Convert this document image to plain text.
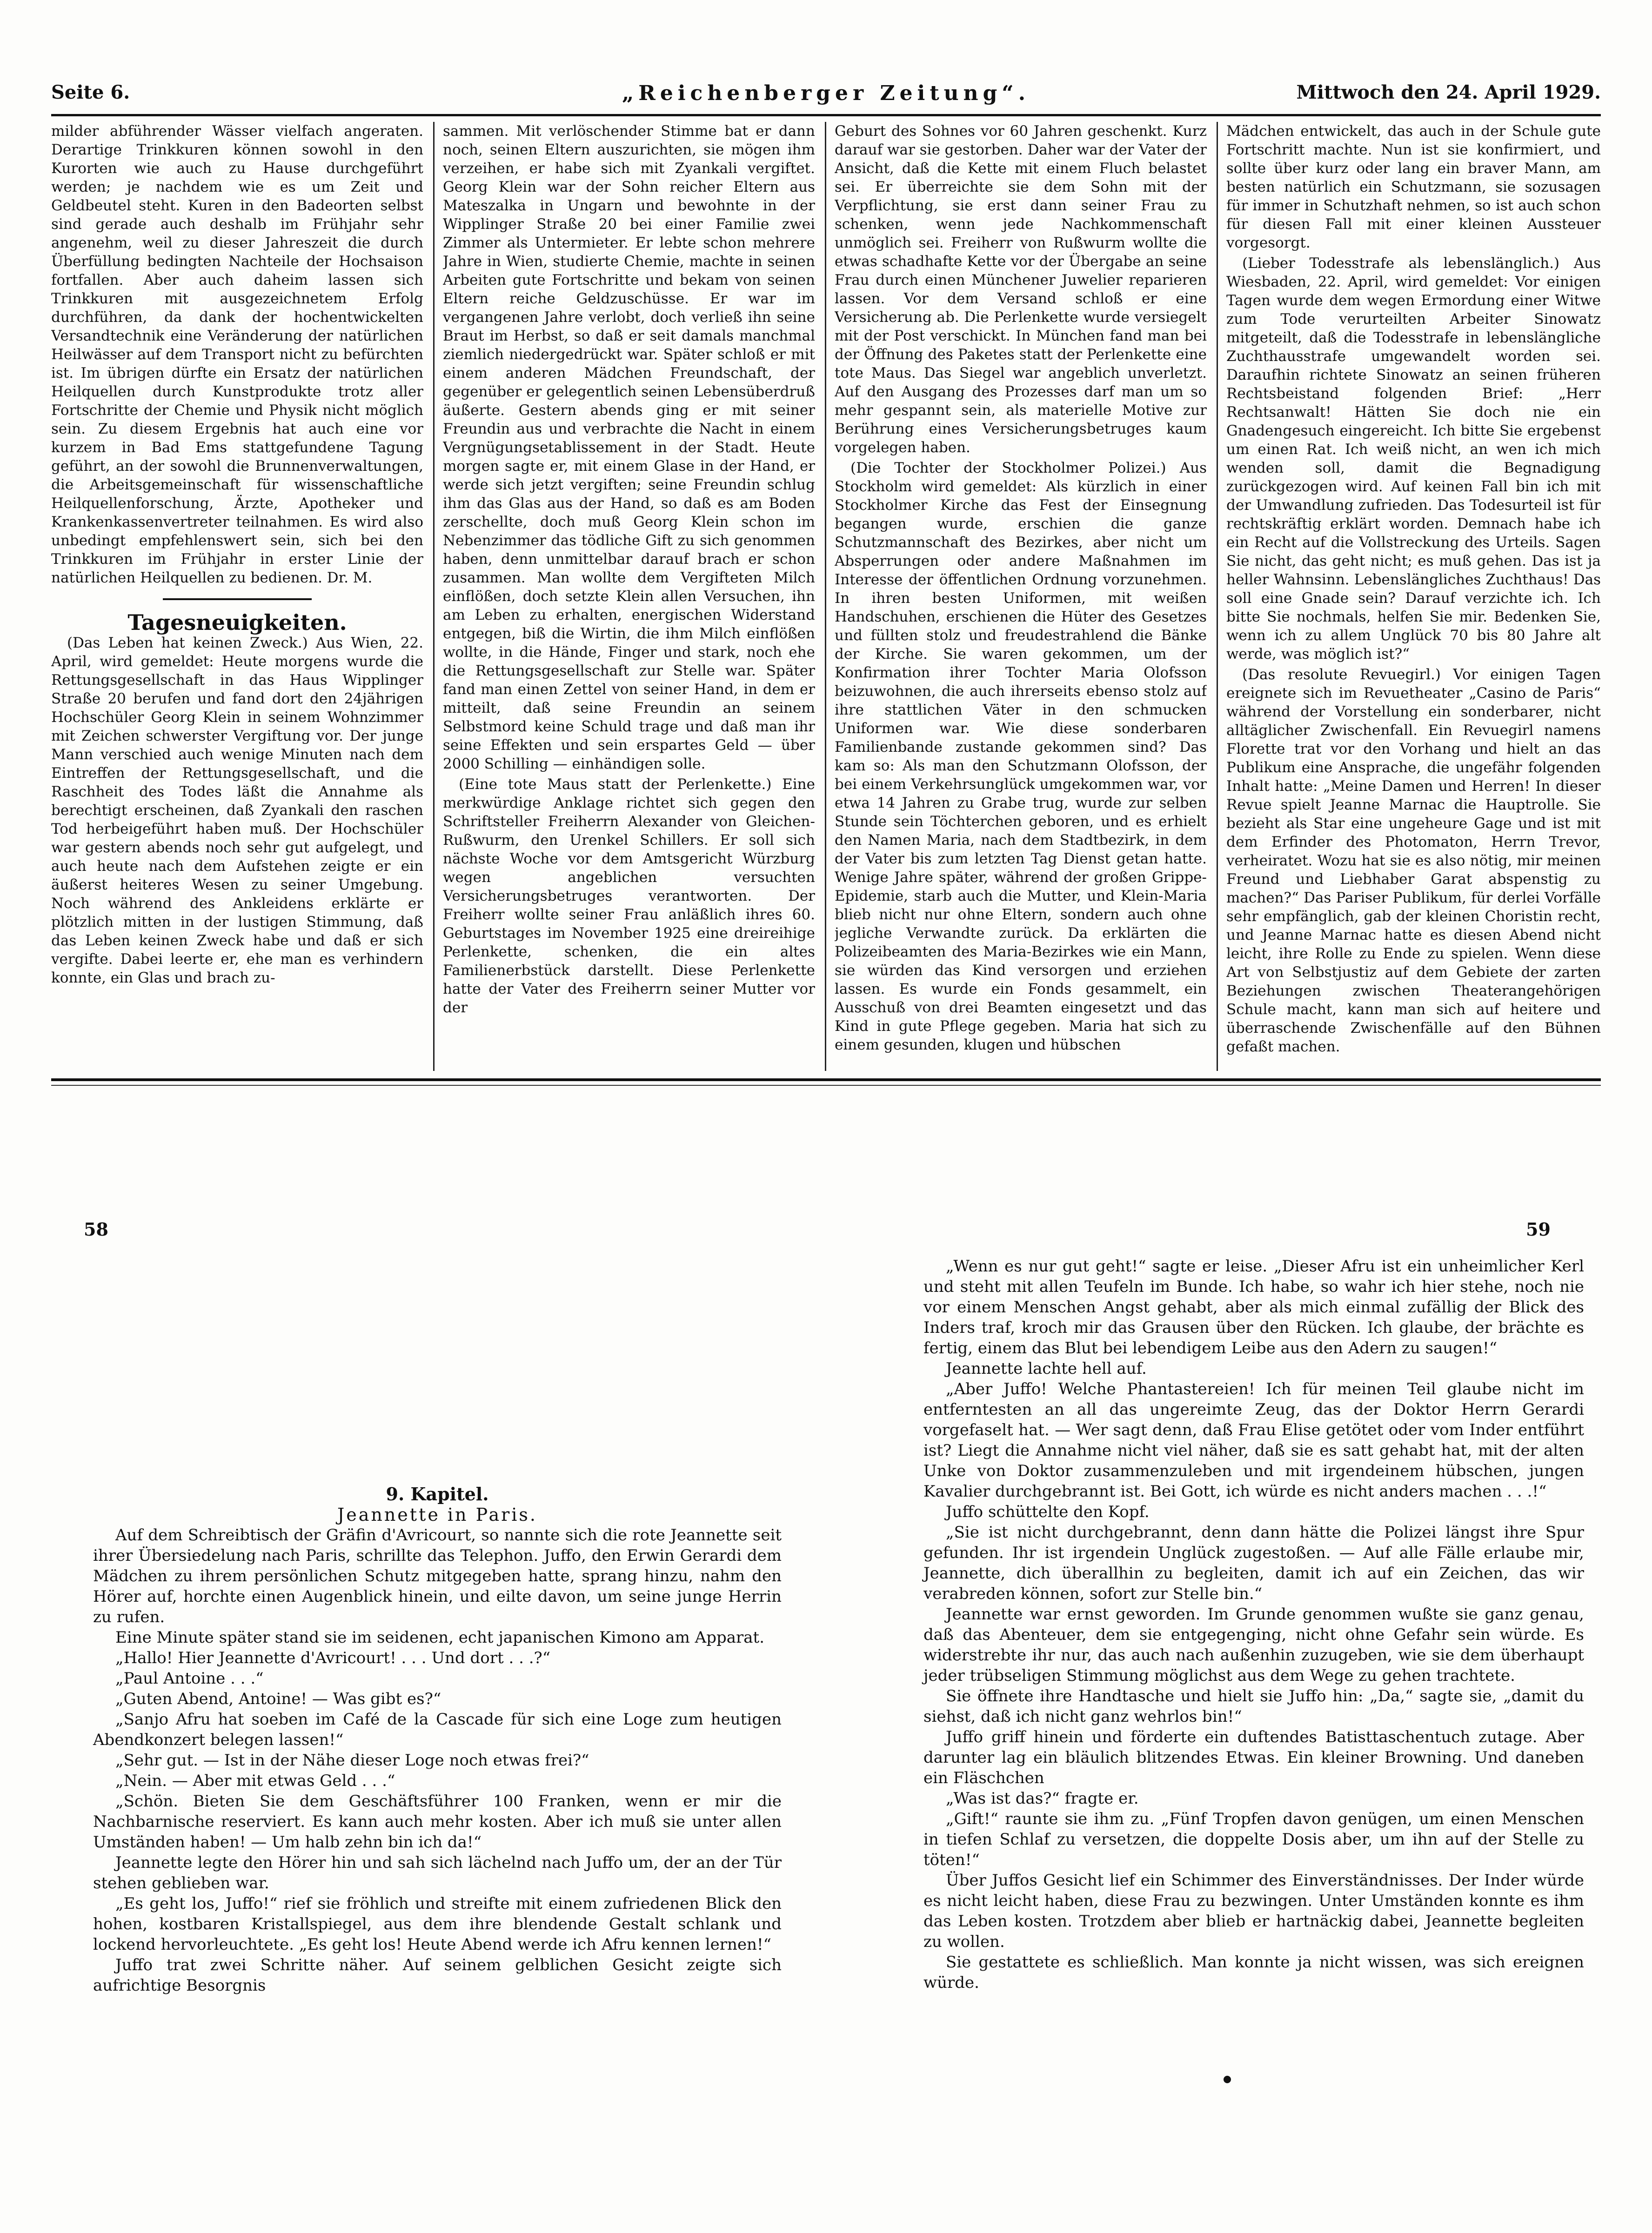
Seite 6.	„Reichenberger Zeitung“.	Mittwoch den 24. April 1929.

milder abführender Wässer vielfach angeraten. Derartige Trinkkuren können sowohl in den Kurorten wie auch zu Hause durchgeführt werden; je nachdem wie es um Zeit und Geldbeutel steht. Kuren in den Badeorten selbst sind gerade auch deshalb im Frühjahr sehr angenehm, weil zu dieser Jahreszeit die durch Überfüllung bedingten Nachteile der Hochsaison fortfallen. Aber auch daheim lassen sich Trinkkuren mit ausgezeichnetem Erfolg durchführen, da dank der hochentwickelten Versandtechnik eine Veränderung der natürlichen Heilwässer auf dem Transport nicht zu befürchten ist. Im übrigen dürfte ein Ersatz der natürlichen Heilquellen durch Kunstprodukte trotz aller Fortschritte der Chemie und Physik nicht möglich sein. Zu diesem Ergebnis hat auch eine vor kurzem in Bad Ems stattgefundene Tagung geführt, an der sowohl die Brunnenverwaltungen, die Arbeitsgemeinschaft für wissenschaftliche Heilquellenforschung, Ärzte, Apotheker und Krankenkassenvertreter teilnahmen. Es wird also unbedingt empfehlenswert sein, sich bei den Trinkkuren im Frühjahr in erster Linie der natürlichen Heilquellen zu bedienen. Dr. M.

Tagesneuigkeiten.

(Das Leben hat keinen Zweck.) Aus Wien, 22. April, wird gemeldet: Heute morgens wurde die Rettungsgesellschaft in das Haus Wipplinger Straße 20 berufen und fand dort den 24jährigen Hochschüler Georg Klein in seinem Wohnzimmer mit Zeichen schwerster Vergiftung vor. Der junge Mann verschied auch wenige Minuten nach dem Eintreffen der Rettungsgesellschaft, und die Raschheit des Todes läßt die Annahme als berechtigt erscheinen, daß Zyankali den raschen Tod herbeigeführt haben muß. Der Hochschüler war gestern abends noch sehr gut aufgelegt, und auch heute nach dem Aufstehen zeigte er ein äußerst heiteres Wesen zu seiner Umgebung. Noch während des Ankleidens erklärte er plötzlich mitten in der lustigen Stimmung, daß das Leben keinen Zweck habe und daß er sich vergifte. Dabei leerte er, ehe man es verhindern konnte, ein Glas und brach zu-

sammen. Mit verlöschender Stimme bat er dann noch, seinen Eltern auszurichten, sie mögen ihm verzeihen, er habe sich mit Zyankali vergiftet. Georg Klein war der Sohn reicher Eltern aus Mateszalka in Ungarn und bewohnte in der Wipplinger Straße 20 bei einer Familie zwei Zimmer als Untermieter. Er lebte schon mehrere Jahre in Wien, studierte Chemie, machte in seinen Arbeiten gute Fortschritte und bekam von seinen Eltern reiche Geldzuschüsse. Er war im vergangenen Jahre verlobt, doch verließ ihn seine Braut im Herbst, so daß er seit damals manchmal ziemlich niedergedrückt war. Später schloß er mit einem anderen Mädchen Freundschaft, der gegenüber er gelegentlich seinen Lebensüberdruß äußerte. Gestern abends ging er mit seiner Freundin aus und verbrachte die Nacht in einem Vergnügungsetablissement in der Stadt. Heute morgen sagte er, mit einem Glase in der Hand, er werde sich jetzt vergiften; seine Freundin schlug ihm das Glas aus der Hand, so daß es am Boden zerschellte, doch muß Georg Klein schon im Nebenzimmer das tödliche Gift zu sich genommen haben, denn unmittelbar darauf brach er schon zusammen. Man wollte dem Vergifteten Milch einflößen, doch setzte Klein allen Versuchen, ihn am Leben zu erhalten, energischen Widerstand entgegen, biß die Wirtin, die ihm Milch einflößen wollte, in die Hände, Finger und stark, noch ehe die Rettungsgesellschaft zur Stelle war. Später fand man einen Zettel von seiner Hand, in dem er mitteilt, daß seine Freundin an seinem Selbstmord keine Schuld trage und daß man ihr seine Effekten und sein erspartes Geld — über 2000 Schilling — einhändigen solle.

(Eine tote Maus statt der Perlenkette.) Eine merkwürdige Anklage richtet sich gegen den Schriftsteller Freiherrn Alexander von Gleichen-Rußwurm, den Urenkel Schillers. Er soll sich nächste Woche vor dem Amtsgericht Würzburg wegen angeblichen versuchten Versicherungsbetruges verantworten. Der Freiherr wollte seiner Frau anläßlich ihres 60. Geburtstages im November 1925 eine dreireihige Perlenkette, schenken, die ein altes Familienerbstück darstellt. Diese Perlenkette hatte der Vater des Freiherrn seiner Mutter vor der

Geburt des Sohnes vor 60 Jahren geschenkt. Kurz darauf war sie gestorben. Daher war der Vater der Ansicht, daß die Kette mit einem Fluch belastet sei. Er überreichte sie dem Sohn mit der Verpflichtung, sie erst dann seiner Frau zu schenken, wenn jede Nachkommenschaft unmöglich sei. Freiherr von Rußwurm wollte die etwas schadhafte Kette vor der Übergabe an seine Frau durch einen Münchener Juwelier reparieren lassen. Vor dem Versand schloß er eine Versicherung ab. Die Perlenkette wurde versiegelt mit der Post verschickt. In München fand man bei der Öffnung des Paketes statt der Perlenkette eine tote Maus. Das Siegel war angeblich unverletzt. Auf den Ausgang des Prozesses darf man um so mehr gespannt sein, als materielle Motive zur Berührung eines Versicherungsbetruges kaum vorgelegen haben.

(Die Tochter der Stockholmer Polizei.) Aus Stockholm wird gemeldet: Als kürzlich in einer Stockholmer Kirche das Fest der Einsegnung begangen wurde, erschien die ganze Schutzmannschaft des Bezirkes, aber nicht um Absperrungen oder andere Maßnahmen im Interesse der öffentlichen Ordnung vorzunehmen. In ihren besten Uniformen, mit weißen Handschuhen, erschienen die Hüter des Gesetzes und füllten stolz und freudestrahlend die Bänke der Kirche. Sie waren gekommen, um der Konfirmation ihrer Tochter Maria Olofsson beizuwohnen, die auch ihrerseits ebenso stolz auf ihre stattlichen Väter in den schmucken Uniformen war. Wie diese sonderbaren Familienbande zustande gekommen sind? Das kam so: Als man den Schutzmann Olofsson, der bei einem Verkehrsunglück umgekommen war, vor etwa 14 Jahren zu Grabe trug, wurde zur selben Stunde sein Töchterchen geboren, und es erhielt den Namen Maria, nach dem Stadtbezirk, in dem der Vater bis zum letzten Tag Dienst getan hatte. Wenige Jahre später, während der großen Grippe-Epidemie, starb auch die Mutter, und Klein-Maria blieb nicht nur ohne Eltern, sondern auch ohne jegliche Verwandte zurück. Da erklärten die Polizeibeamten des Maria-Bezirkes wie ein Mann, sie würden das Kind versorgen und erziehen lassen. Es wurde ein Fonds gesammelt, ein Ausschuß von drei Beamten eingesetzt und das Kind in gute Pflege gegeben. Maria hat sich zu einem gesunden, klugen und hübschen

Mädchen entwickelt, das auch in der Schule gute Fortschritt machte. Nun ist sie konfirmiert, und sollte über kurz oder lang ein braver Mann, am besten natürlich ein Schutzmann, sie sozusagen für immer in Schutzhaft nehmen, so ist auch schon für diesen Fall mit einer kleinen Aussteuer vorgesorgt.

(Lieber Todesstrafe als lebenslänglich.) Aus Wiesbaden, 22. April, wird gemeldet: Vor einigen Tagen wurde dem wegen Ermordung einer Witwe zum Tode verurteilten Arbeiter Sinowatz mitgeteilt, daß die Todesstrafe in lebenslängliche Zuchthausstrafe umgewandelt worden sei. Daraufhin richtete Sinowatz an seinen früheren Rechtsbeistand folgenden Brief: „Herr Rechtsanwalt! Hätten Sie doch nie ein Gnadengesuch eingereicht. Ich bitte Sie ergebenst um einen Rat. Ich weiß nicht, an wen ich mich wenden soll, damit die Begnadigung zurückgezogen wird. Auf keinen Fall bin ich mit der Umwandlung zufrieden. Das Todesurteil ist für rechtskräftig erklärt worden. Demnach habe ich ein Recht auf die Vollstreckung des Urteils. Sagen Sie nicht, das geht nicht; es muß gehen. Das ist ja heller Wahnsinn. Lebenslängliches Zuchthaus! Das soll eine Gnade sein? Darauf verzichte ich. Ich bitte Sie nochmals, helfen Sie mir. Bedenken Sie, wenn ich zu allem Unglück 70 bis 80 Jahre alt werde, was möglich ist?“

(Das resolute Revuegirl.) Vor einigen Tagen ereignete sich im Revuetheater „Casino de Paris“ während der Vorstellung ein sonderbarer, nicht alltäglicher Zwischenfall. Ein Revuegirl namens Florette trat vor den Vorhang und hielt an das Publikum eine Ansprache, die ungefähr folgenden Inhalt hatte: „Meine Damen und Herren! In dieser Revue spielt Jeanne Marnac die Hauptrolle. Sie bezieht als Star eine ungeheure Gage und ist mit dem Erfinder des Photomaton, Herrn Trevor, verheiratet. Wozu hat sie es also nötig, mir meinen Freund und Liebhaber Garat abspenstig zu machen?“ Das Pariser Publikum, für derlei Vorfälle sehr empfänglich, gab der kleinen Choristin recht, und Jeanne Marnac hatte es diesen Abend nicht leicht, ihre Rolle zu Ende zu spielen. Wenn diese Art von Selbstjustiz auf dem Gebiete der zarten Beziehungen zwischen Theaterangehörigen Schule macht, kann man sich auf heitere und überraschende Zwischenfälle auf den Bühnen gefaßt machen.

58

9. Kapitel.

Jeannette in Paris.

Auf dem Schreibtisch der Gräfin d'Avricourt, so nannte sich die rote Jeannette seit ihrer Übersiedelung nach Paris, schrillte das Telephon. Juffo, den Erwin Gerardi dem Mädchen zu ihrem persönlichen Schutz mitgegeben hatte, sprang hinzu, nahm den Hörer auf, horchte einen Augenblick hinein, und eilte davon, um seine junge Herrin zu rufen.

Eine Minute später stand sie im seidenen, echt japanischen Kimono am Apparat.

„Hallo! Hier Jeannette d'Avricourt! . . . Und dort . . .?“

„Paul Antoine . . .“

„Guten Abend, Antoine! — Was gibt es?“

„Sanjo Afru hat soeben im Café de la Cascade für sich eine Loge zum heutigen Abendkonzert belegen lassen!“

„Sehr gut. — Ist in der Nähe dieser Loge noch etwas frei?“

„Nein. — Aber mit etwas Geld . . .“

„Schön. Bieten Sie dem Geschäftsführer 100 Franken, wenn er mir die Nachbarnische reserviert. Es kann auch mehr kosten. Aber ich muß sie unter allen Umständen haben! — Um halb zehn bin ich da!“

Jeannette legte den Hörer hin und sah sich lächelnd nach Juffo um, der an der Tür stehen geblieben war.

„Es geht los, Juffo!“ rief sie fröhlich und streifte mit einem zufriedenen Blick den hohen, kostbaren Kristallspiegel, aus dem ihre blendende Gestalt schlank und lockend hervorleuchtete. „Es geht los! Heute Abend werde ich Afru kennen lernen!“

Juffo trat zwei Schritte näher. Auf seinem gelblichen Gesicht zeigte sich aufrichtige Besorgnis

59

„Wenn es nur gut geht!“ sagte er leise. „Dieser Afru ist ein unheimlicher Kerl und steht mit allen Teufeln im Bunde. Ich habe, so wahr ich hier stehe, noch nie vor einem Menschen Angst gehabt, aber als mich einmal zufällig der Blick des Inders traf, kroch mir das Grausen über den Rücken. Ich glaube, der brächte es fertig, einem das Blut bei lebendigem Leibe aus den Adern zu saugen!“

Jeannette lachte hell auf.

„Aber Juffo! Welche Phantastereien! Ich für meinen Teil glaube nicht im entferntesten an all das ungereimte Zeug, das der Doktor Herrn Gerardi vorgefaselt hat. — Wer sagt denn, daß Frau Elise getötet oder vom Inder entführt ist? Liegt die Annahme nicht viel näher, daß sie es satt gehabt hat, mit der alten Unke von Doktor zusammenzuleben und mit irgendeinem hübschen, jungen Kavalier durchgebrannt ist. Bei Gott, ich würde es nicht anders machen . . .!“

Juffo schüttelte den Kopf.

„Sie ist nicht durchgebrannt, denn dann hätte die Polizei längst ihre Spur gefunden. Ihr ist irgendein Unglück zugestoßen. — Auf alle Fälle erlaube mir, Jeannette, dich überallhin zu begleiten, damit ich auf ein Zeichen, das wir verabreden können, sofort zur Stelle bin.“

Jeannette war ernst geworden. Im Grunde genommen wußte sie ganz genau, daß das Abenteuer, dem sie entgegenging, nicht ohne Gefahr sein würde. Es widerstrebte ihr nur, das auch nach außenhin zuzugeben, wie sie dem überhaupt jeder trübseligen Stimmung möglichst aus dem Wege zu gehen trachtete.

Sie öffnete ihre Handtasche und hielt sie Juffo hin: „Da,“ sagte sie, „damit du siehst, daß ich nicht ganz wehrlos bin!“

Juffo griff hinein und förderte ein duftendes Batisttaschentuch zutage. Aber darunter lag ein bläulich blitzendes Etwas. Ein kleiner Browning. Und daneben ein Fläschchen

„Was ist das?“ fragte er.

„Gift!“ raunte sie ihm zu. „Fünf Tropfen davon genügen, um einen Menschen in tiefen Schlaf zu versetzen, die doppelte Dosis aber, um ihn auf der Stelle zu töten!“

Über Juffos Gesicht lief ein Schimmer des Einverständnisses. Der Inder würde es nicht leicht haben, diese Frau zu bezwingen. Unter Umständen konnte es ihm das Leben kosten. Trotzdem aber blieb er hartnäckig dabei, Jeannette begleiten zu wollen.

Sie gestattete es schließlich. Man konnte ja nicht wissen, was sich ereignen würde.
